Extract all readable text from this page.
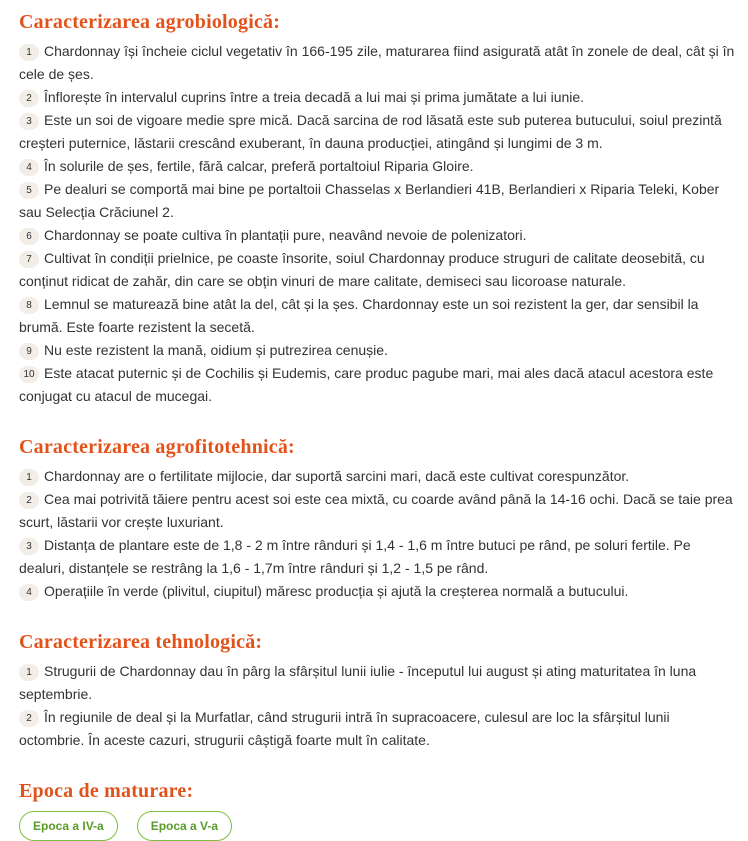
Caracterizarea agrobiologică:
1 Chardonnay își încheie ciclul vegetativ în 166-195 zile, maturarea fiind asigurată atât în zonele de deal, cât și în cele de șes.
2 Înflorește în intervalul cuprins între a treia decadă a lui mai și prima jumătate a lui iunie.
3 Este un soi de vigoare medie spre mică. Dacă sarcina de rod lăsată este sub puterea butucului, soiul prezintă creșteri puternice, lăstarii crescând exuberant, în dauna producției, atingând și lungimi de 3 m.
4 În solurile de șes, fertile, fără calcar, preferă portaltoiul Riparia Gloire.
5 Pe dealuri se comportă mai bine pe portaltoii Chasselas x Berlandieri 41B, Berlandieri x Riparia Teleki, Kober sau Selecția Crăciunel 2.
6 Chardonnay se poate cultiva în plantații pure, neavând nevoie de polenizatori.
7 Cultivat în condiții prielnice, pe coaste însorite, soiul Chardonnay produce struguri de calitate deosebită, cu conținut ridicat de zahăr, din care se obțin vinuri de mare calitate, demiseci sau licoroase naturale.
8 Lemnul se maturează bine atât la del, cât și la șes. Chardonnay este un soi rezistent la ger, dar sensibil la brumă. Este foarte rezistent la secetă.
9 Nu este rezistent la mană, oidium și putrezirea cenușie.
10 Este atacat puternic și de Cochilis și Eudemis, care produc pagube mari, mai ales dacă atacul acestora este conjugat cu atacul de mucegai.
Caracterizarea agrofitotehnică:
1 Chardonnay are o fertilitate mijlocie, dar suportă sarcini mari, dacă este cultivat corespunzător.
2 Cea mai potrivită tăiere pentru acest soi este cea mixtă, cu coarde având până la 14-16 ochi. Dacă se taie prea scurt, lăstarii vor crește luxuriant.
3 Distanța de plantare este de 1,8 - 2 m între rânduri și 1,4 - 1,6 m între butuci pe rând, pe soluri fertile. Pe dealuri, distanțele se restrâng la 1,6 - 1,7m între rânduri și 1,2 - 1,5 pe rând.
4 Operațiile în verde (plivitul, ciupitul) măresc producția și ajută la creșterea normală a butucului.
Caracterizarea tehnologică:
1 Strugurii de Chardonnay dau în pârg la sfârșitul lunii iulie - începutul lui august și ating maturitatea în luna septembrie.
2 În regiunile de deal și la Murfatlar, când strugurii intră în supracoacere, culesul are loc la sfârșitul lunii octombrie. În aceste cazuri, strugurii câștigă foarte mult în calitate.
Epoca de maturare:
Epoca a IV-a	Epoca a V-a
